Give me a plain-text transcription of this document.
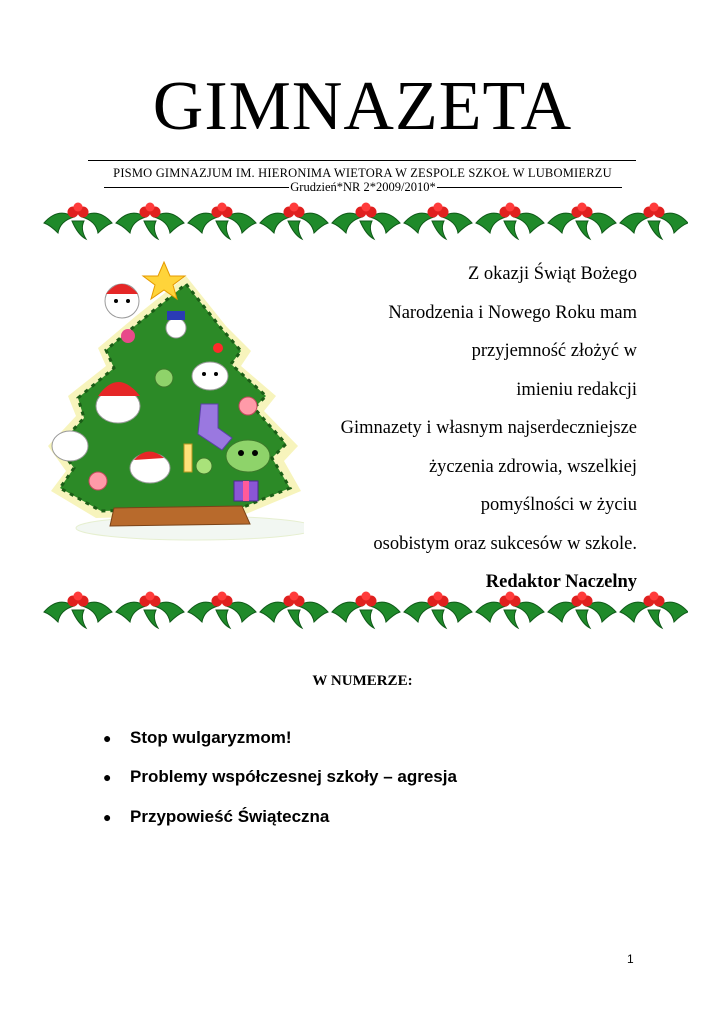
GIMNAZETA
PISMO GIMNAZJUM IM. HIERONIMA WIETORA W ZESPOLE SZKOŁ W LUBOMIERZU
Grudzień*NR 2*2009/2010*
Z okazji Świąt Bożego
Narodzenia i Nowego Roku mam
przyjemność złożyć w
imieniu redakcji
Gimnazety i własnym najserdeczniejsze
życzenia zdrowia, wszelkiej
pomyślności w życiu
osobistym oraz sukcesów w szkole.
Redaktor Naczelny
W NUMERZE:
●	Stop wulgaryzmom!
●	Problemy współczesnej szkoły – agresja
●	Przypowieść Świąteczna
1
